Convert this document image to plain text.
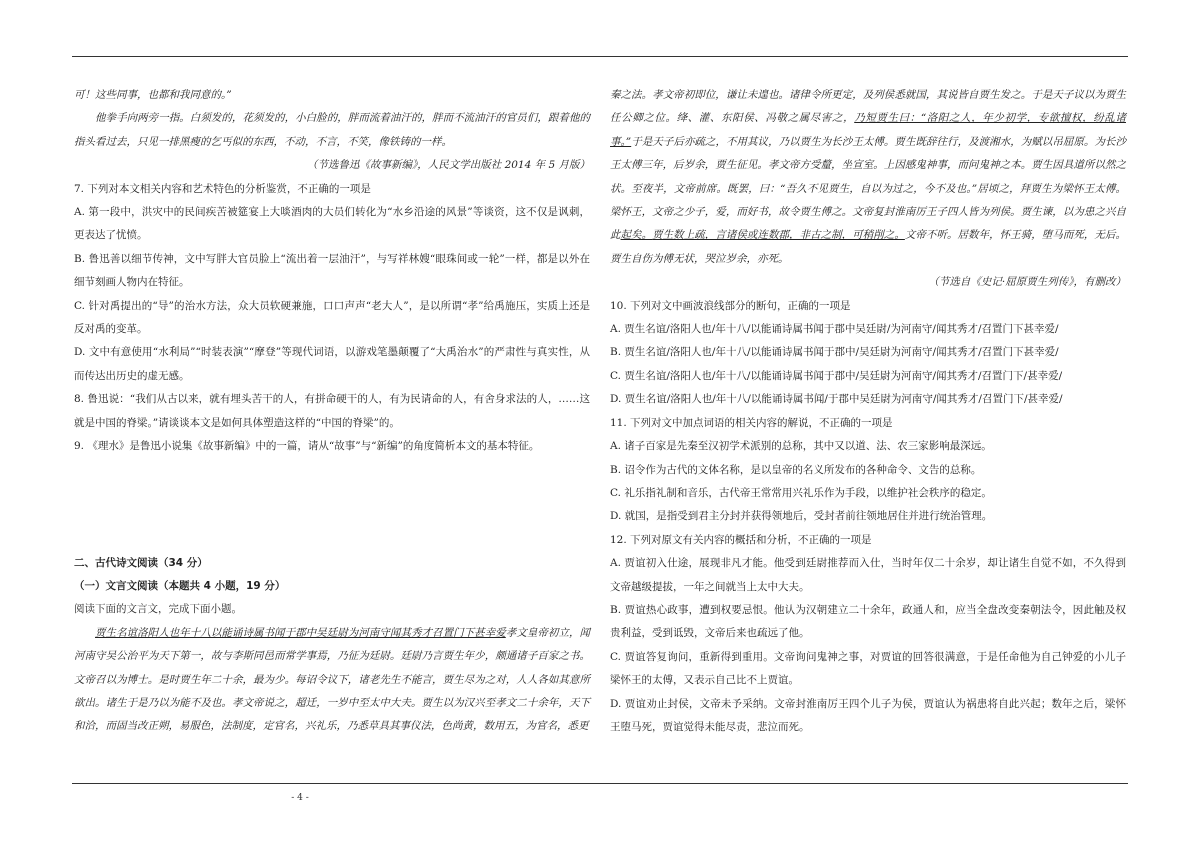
可！这些同事，也都和我同意的。”

他拳手向两旁一指。白须发的，花须发的，小白脸的，胖而流着油汗的，胖而不流油汗的官员们，跟着他的指头看过去，只见一排黑瘦的乞丐似的东西，不动，不言，不笑，像铁铸的一样。

（节选鲁迅《故事新编》，人民文学出版社 2014 年 5 月版）

7. 下列对本文相关内容和艺术特色的分析鉴赏，不正确的一项是

A. 第一段中，洪灾中的民间疾苦被筵宴上大啖酒肉的大员们转化为“水乡沿途的风景”等谈资，这不仅是讽刺，更表达了忧愤。

B. 鲁迅善以细节传神，文中写胖大官员脸上“流出着一层油汗”，与写祥林嫂“眼珠间或一轮”一样，都是以外在细节刻画人物内在特征。

C. 针对禹提出的“导”的治水方法，众大员软硬兼施，口口声声“老大人”，是以所谓“孝”给禹施压，实质上还是反对禹的变革。

D. 文中有意使用“水利局”“时装表演”“摩登”等现代词语，以游戏笔墨颠覆了“大禹治水”的严肃性与真实性，从而传达出历史的虚无感。

8. 鲁迅说：“我们从古以来，就有埋头苦干的人，有拼命硬干的人，有为民请命的人，有舍身求法的人，……这就是中国的脊梁。”请谈谈本文是如何具体塑造这样的“中国的脊梁”的。

9. 《理水》是鲁迅小说集《故事新编》中的一篇，请从“故事”与“新编”的角度简析本文的基本特征。

二、古代诗文阅读（34 分）

（一）文言文阅读（本题共 4 小题，19 分）

阅读下面的文言文，完成下面小题。

贾生名谊洛阳人也年十八以能诵诗属书闻于郡中吴廷尉为河南守闻其秀才召置门下甚幸爱孝文皇帝初立，闻河南守吴公治平为天下第一，故与李斯同邑而常学事焉，乃征为廷尉。廷尉乃言贾生年少，颇通诸子百家之书。文帝召以为博士。是时贾生年二十余，最为少。每诏令议下，诸老先生不能言，贾生尽为之对，人人各如其意所欲出。诸生于是乃以为能不及也。孝文帝说之，超迁，一岁中至太中大夫。贾生以为汉兴至孝文二十余年，天下和洽，而固当改正朔，易服色，法制度，定官名，兴礼乐，乃悉草具其事仪法，色尚黄，数用五，为官名，悉更

秦之法。孝文帝初即位，谦让未遑也。诸律令所更定，及列侯悉就国，其说皆自贾生发之。于是天子议以为贾生任公卿之位。绛、灌、东阳侯、冯敬之属尽害之，乃短贾生曰：“洛阳之人，年少初学，专欲擅权，纷乱诸事。”于是天子后亦疏之，不用其议，乃以贾生为长沙王太傅。贾生既辞往行，及渡湘水，为赋以吊屈原。为长沙王太傅三年，后岁余，贾生征见。孝文帝方受釐，坐宣室。上因感鬼神事，而问鬼神之本。贾生因具道所以然之状。至夜半，文帝前席。既罢，曰：“吾久不见贾生，自以为过之，今不及也。”居顷之，拜贾生为梁怀王太傅。梁怀王，文帝之少子，爱，而好书，故令贾生傅之。文帝复封淮南厉王子四人皆为列侯。贾生谏，以为患之兴自此起矣。贾生数上疏，言诸侯或连数郡，非古之制，可稍削之。文帝不听。居数年，怀王骑，堕马而死，无后。贾生自伤为傅无状，哭泣岁余，亦死。

（节选自《史记·屈原贾生列传》，有删改）

10. 下列对文中画波浪线部分的断句，正确的一项是

A. 贾生名谊/洛阳人也/年十八/以能诵诗属书闻于郡中吴廷尉/为河南守/闻其秀才/召置门下甚幸爱/

B. 贾生名谊/洛阳人也/年十八/以能诵诗属书闻于郡中/吴廷尉为河南守/闻其秀才/召置门下甚幸爱/

C. 贾生名谊/洛阳人也/年十八/以能诵诗属书闻于郡中/吴廷尉为河南守/闻其秀才/召置门下/甚幸爱/

D. 贾生名谊/洛阳人也/年十八/以能诵诗属书闻/于郡中吴廷尉为河南守/闻其秀才/召置门下/甚幸爱/

11. 下列对文中加点词语的相关内容的解说，不正确的一项是

A. 诸子百家是先秦至汉初学术派别的总称，其中又以道、法、农三家影响最深远。

B. 诏令作为古代的文体名称，是以皇帝的名义所发布的各种命令、文告的总称。

C. 礼乐指礼制和音乐，古代帝王常常用兴礼乐作为手段，以维护社会秩序的稳定。

D. 就国，是指受到君主分封并获得领地后，受封者前往领地居住并进行统治管理。

12. 下列对原文有关内容的概括和分析，不正确的一项是

A. 贾谊初入仕途，展现非凡才能。他受到廷尉推荐而入仕，当时年仅二十余岁，却让诸生自觉不如，不久得到文帝越级提拔，一年之间就当上太中大夫。

B. 贾谊热心政事，遭到权要忌恨。他认为汉朝建立二十余年，政通人和，应当全盘改变秦朝法令，因此触及权贵利益，受到诋毁，文帝后来也疏远了他。

C. 贾谊答复询问，重新得到重用。文帝询问鬼神之事，对贾谊的回答很满意，于是任命他为自己钟爱的小儿子梁怀王的太傅，又表示自己比不上贾谊。

D. 贾谊劝止封侯，文帝未予采纳。文帝封淮南厉王四个儿子为侯，贾谊认为祸患将自此兴起；数年之后，梁怀王堕马死，贾谊觉得未能尽责，悲泣而死。

- 4 -
